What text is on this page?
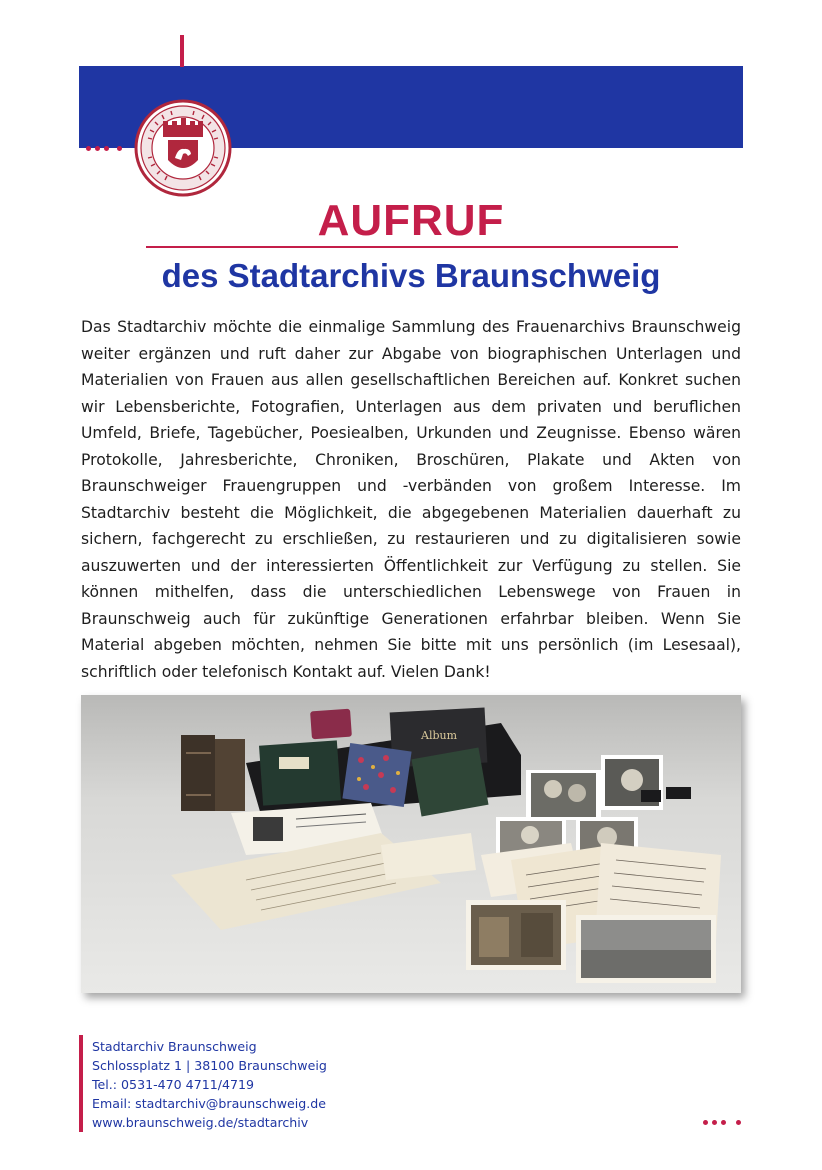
AUFRUF
des Stadtarchivs Braunschweig
Das Stadtarchiv möchte die einmalige Sammlung des Frauenarchivs Braunschweig weiter ergänzen und ruft daher zur Abgabe von biographischen Unterlagen und Materialien von Frauen aus allen gesellschaftlichen Bereichen auf. Konkret suchen wir Lebensberichte, Fotografien, Unterlagen aus dem privaten und beruflichen Umfeld, Briefe, Tagebücher, Poesiealben, Urkunden und Zeugnisse. Ebenso wären Protokolle, Jahresberichte, Chroniken, Broschüren, Plakate und Akten von Braunschweiger Frauengruppen und -verbänden von großem Interesse. Im Stadtarchiv besteht die Möglichkeit, die abgegebenen Materialien dauerhaft zu sichern, fachgerecht zu erschließen, zu restaurieren und zu digitalisieren sowie auszuwerten und der interessierten Öffentlichkeit zur Verfügung zu stellen. Sie können mithelfen, dass die unterschiedlichen Lebenswege von Frauen in Braunschweig auch für zukünftige Generationen erfahrbar bleiben. Wenn Sie Material abgeben möchten, nehmen Sie bitte mit uns persönlich (im Lesesaal), schriftlich oder telefonisch Kontakt auf. Vielen Dank!
Album
Stadtarchiv Braunschweig
Schlossplatz 1 | 38100 Braunschweig
Tel.: 0531-470 4711/4719
Email: stadtarchiv@braunschweig.de
www.braunschweig.de/stadtarchiv
